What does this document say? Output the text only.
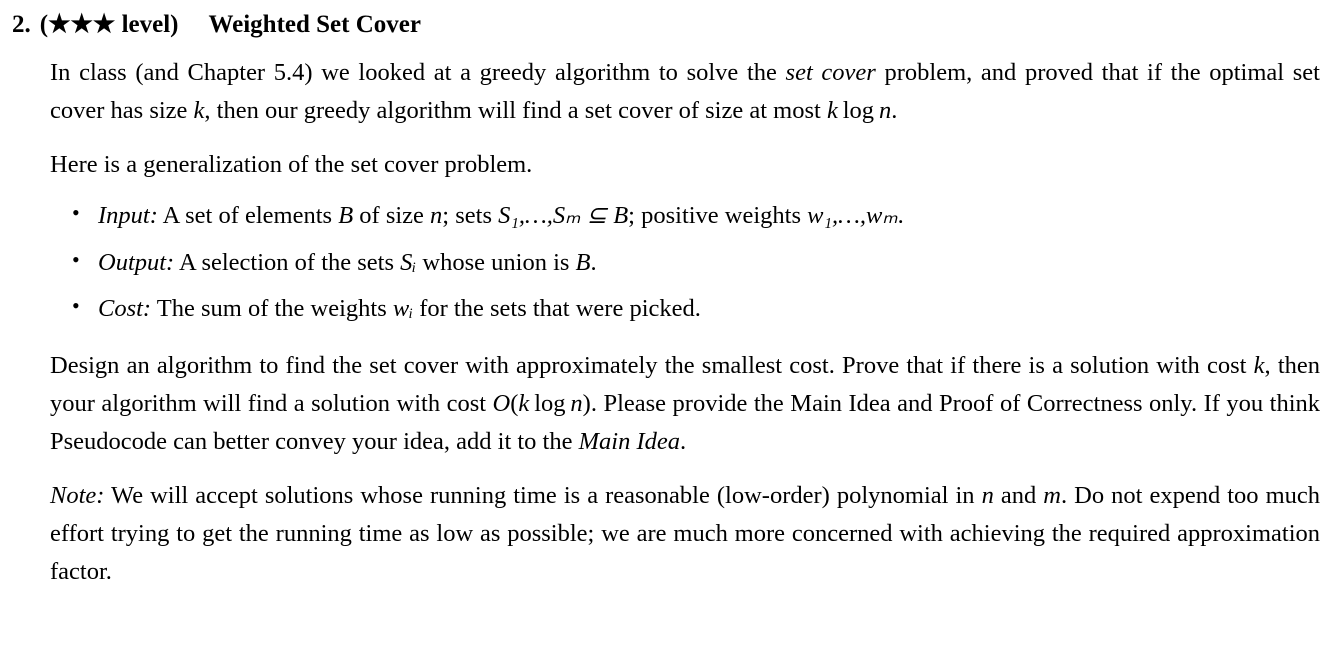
2. (★★★ level) Weighted Set Cover
In class (and Chapter 5.4) we looked at a greedy algorithm to solve the set cover problem, and proved that if the optimal set cover has size k, then our greedy algorithm will find a set cover of size at most k log n.
Here is a generalization of the set cover problem.
• Input: A set of elements B of size n; sets S₁,…,Sₘ ⊆ B; positive weights w₁,…,wₘ.
• Output: A selection of the sets Sᵢ whose union is B.
• Cost: The sum of the weights wᵢ for the sets that were picked.
Design an algorithm to find the set cover with approximately the smallest cost. Prove that if there is a solution with cost k, then your algorithm will find a solution with cost O(k log n). Please provide the Main Idea and Proof of Correctness only. If you think Pseudocode can better convey your idea, add it to the Main Idea.
Note: We will accept solutions whose running time is a reasonable (low-order) polynomial in n and m. Do not expend too much effort trying to get the running time as low as possible; we are much more concerned with achieving the required approximation factor.
